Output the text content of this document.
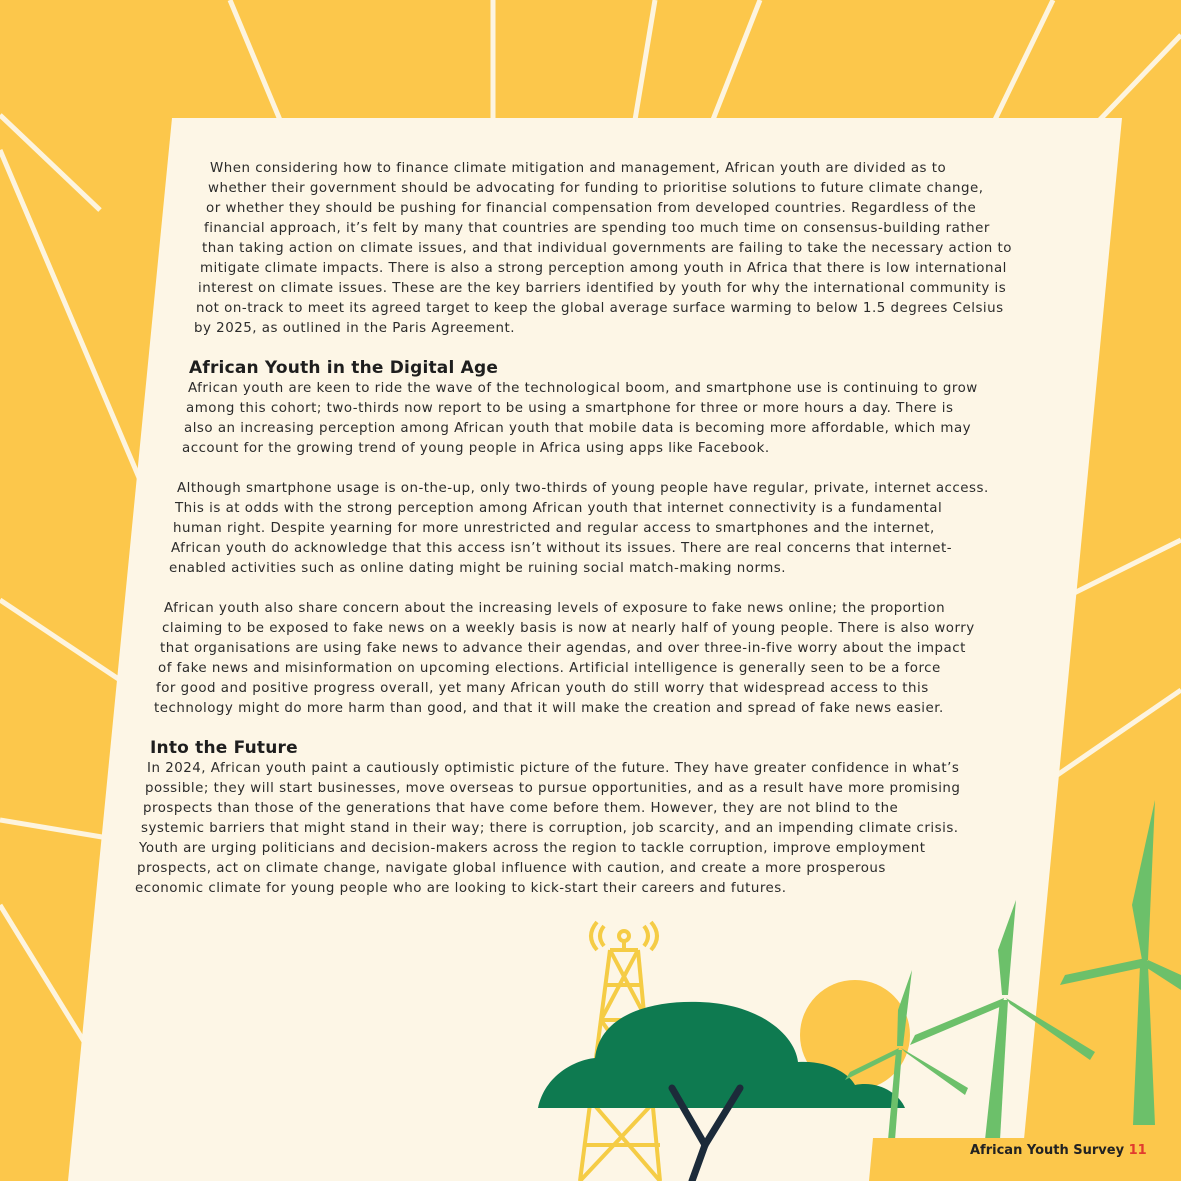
When considering how to finance climate mitigation and management, African youth are divided as to
whether their government should be advocating for funding to prioritise solutions to future climate change,
or whether they should be pushing for financial compensation from developed countries. Regardless of the
financial approach, it’s felt by many that countries are spending too much time on consensus-building rather
than taking action on climate issues, and that individual governments are failing to take the necessary action to
mitigate climate impacts. There is also a strong perception among youth in Africa that there is low international
interest on climate issues. These are the key barriers identified by youth for why the international community is
not on-track to meet its agreed target to keep the global average surface warming to below 1.5 degrees Celsius
by 2025, as outlined in the Paris Agreement.
African Youth in the Digital Age
African youth are keen to ride the wave of the technological boom, and smartphone use is continuing to grow
among this cohort; two-thirds now report to be using a smartphone for three or more hours a day. There is
also an increasing perception among African youth that mobile data is becoming more affordable, which may
account for the growing trend of young people in Africa using apps like Facebook.
Although smartphone usage is on-the-up, only two-thirds of young people have regular, private, internet access.
This is at odds with the strong perception among African youth that internet connectivity is a fundamental
human right. Despite yearning for more unrestricted and regular access to smartphones and the internet,
African youth do acknowledge that this access isn’t without its issues. There are real concerns that internet-
enabled activities such as online dating might be ruining social match-making norms.
African youth also share concern about the increasing levels of exposure to fake news online; the proportion
claiming to be exposed to fake news on a weekly basis is now at nearly half of young people. There is also worry
that organisations are using fake news to advance their agendas, and over three-in-five worry about the impact
of fake news and misinformation on upcoming elections. Artificial intelligence is generally seen to be a force
for good and positive progress overall, yet many African youth do still worry that widespread access to this
technology might do more harm than good, and that it will make the creation and spread of fake news easier.
Into the Future
In 2024, African youth paint a cautiously optimistic picture of the future. They have greater confidence in what’s
possible; they will start businesses, move overseas to pursue opportunities, and as a result have more promising
prospects than those of the generations that have come before them. However, they are not blind to the
systemic barriers that might stand in their way; there is corruption, job scarcity, and an impending climate crisis.
Youth are urging politicians and decision-makers across the region to tackle corruption, improve employment
prospects, act on climate change, navigate global influence with caution, and create a more prosperous
economic climate for young people who are looking to kick-start their careers and futures.
African Youth Survey 11
